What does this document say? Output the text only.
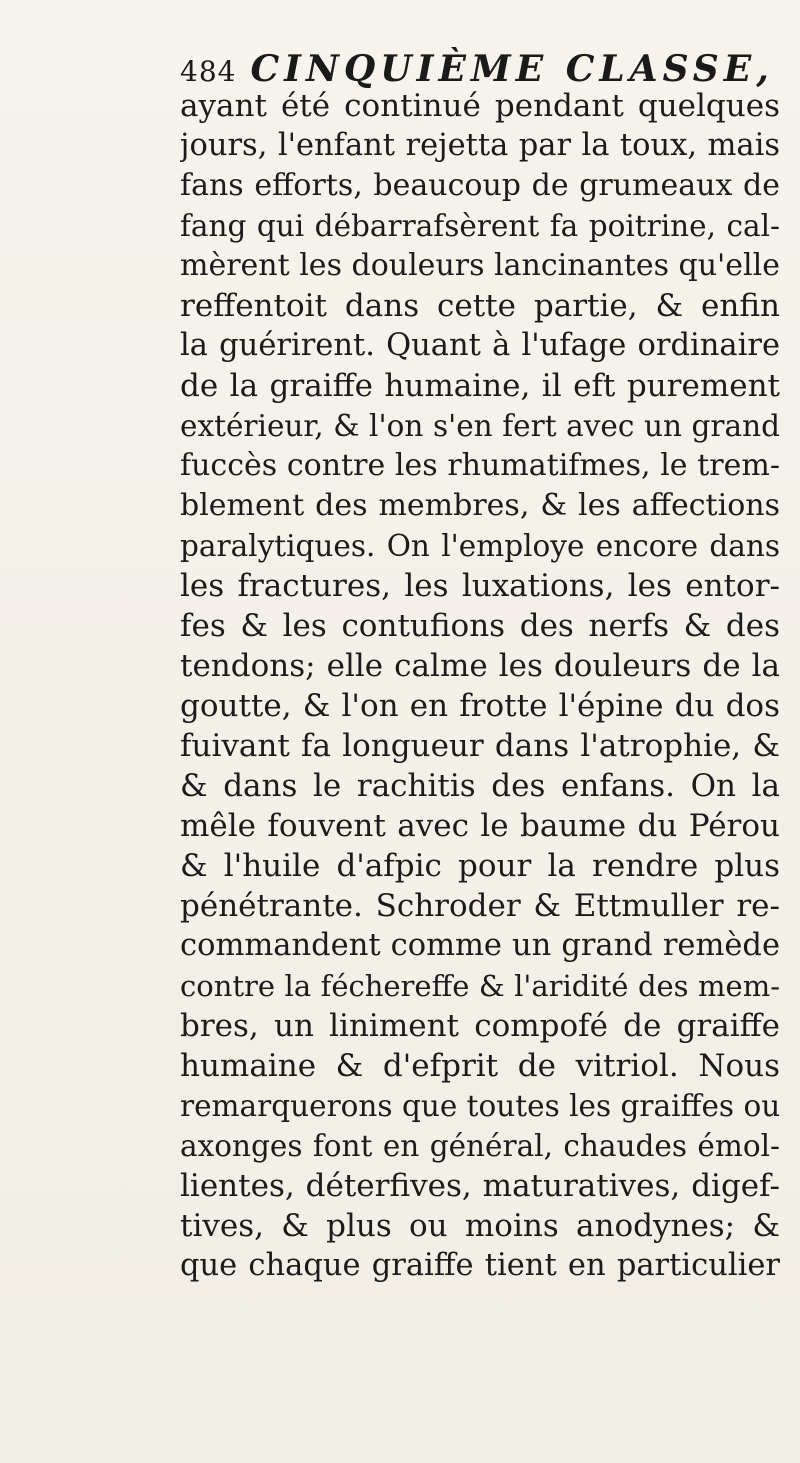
484 CINQUIÈME CLASSE,
ayant été continué pendant quelques
jours, l'enfant rejetta par la toux, mais
fans efforts, beaucoup de grumeaux de
fang qui débarrafsèrent fa poitrine, cal-
mèrent les douleurs lancinantes qu'elle
reffentoit dans cette partie, & enfin
la guérirent. Quant à l'ufage ordinaire
de la graiffe humaine, il eft purement
extérieur, & l'on s'en fert avec un grand
fuccès contre les rhumatifmes, le trem-
blement des membres, & les affections
paralytiques. On l'employe encore dans
les fractures, les luxations, les entor-
fes & les contufions des nerfs & des
tendons; elle calme les douleurs de la
goutte, & l'on en frotte l'épine du dos
fuivant fa longueur dans l'atrophie, &
& dans le rachitis des enfans. On la
mêle fouvent avec le baume du Pérou
& l'huile d'afpic pour la rendre plus
pénétrante. Schroder & Ettmuller re-
commandent comme un grand remède
contre la féchereffe & l'aridité des mem-
bres, un liniment compofé de graiffe
humaine & d'efprit de vitriol. Nous
remarquerons que toutes les graiffes ou
axonges font en général, chaudes émol-
lientes, déterfives, maturatives, digef-
tives, & plus ou moins anodynes; &
que chaque graiffe tient en particulier
